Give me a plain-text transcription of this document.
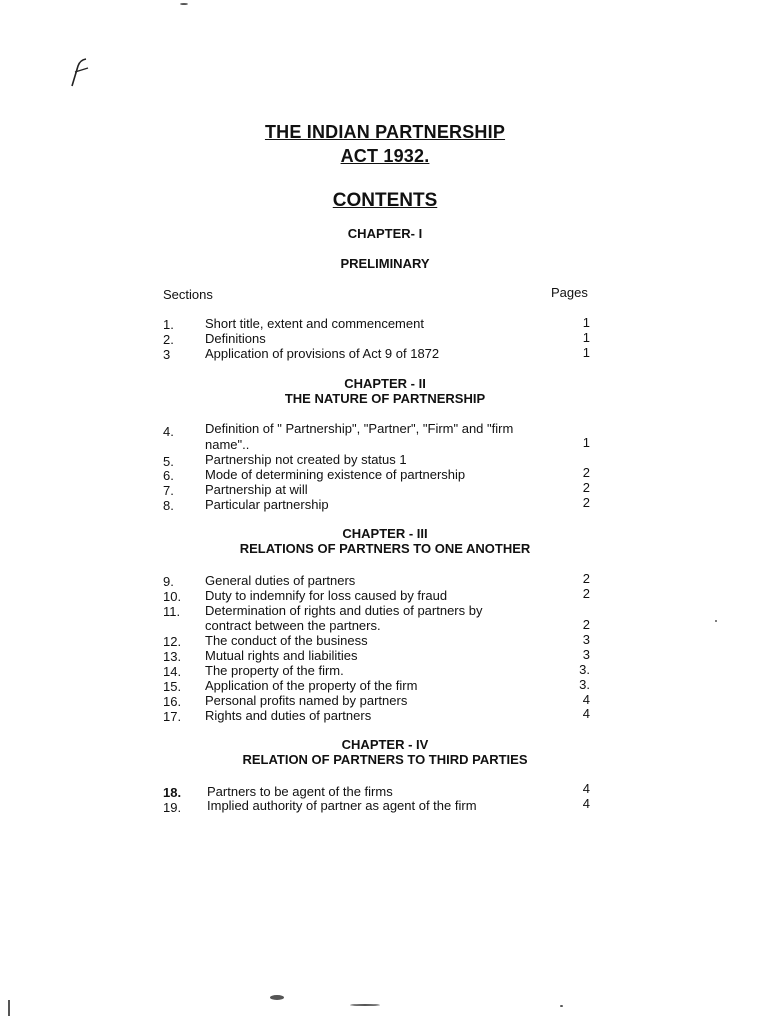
THE INDIAN PARTNERSHIP
ACT 1932.
CONTENTS
CHAPTER- I
PRELIMINARY
Sections	Pages
1. Short title, extent and commencement	1
2. Definitions	1
3	Application of provisions of Act 9 of 1872	1
CHAPTER - II
THE NATURE OF PARTNERSHIP
4. Definition of " Partnership", "Partner", "Firm" and "firm
name"..	1
5. Partnership not created by status 1
6. Mode of determining existence of partnership	2
7. Partnership at will	2
8. Particular partnership	2
CHAPTER - III
RELATIONS OF PARTNERS TO ONE ANOTHER
9. General duties of partners	2
10. Duty to indemnify for loss caused by fraud	2
11. Determination of rights and duties of partners by
contract between the partners.	2
12. The conduct of the business	3
13. Mutual rights and liabilities	3
14. The property of the firm.	3.
15. Application of the property of the firm	3.
16. Personal profits named by partners	4
17. Rights and duties of partners	4
CHAPTER - IV
RELATION OF PARTNERS TO THIRD PARTIES
18. Partners to be agent of the firms	4
19. Implied authority of partner as agent of the firm	4
